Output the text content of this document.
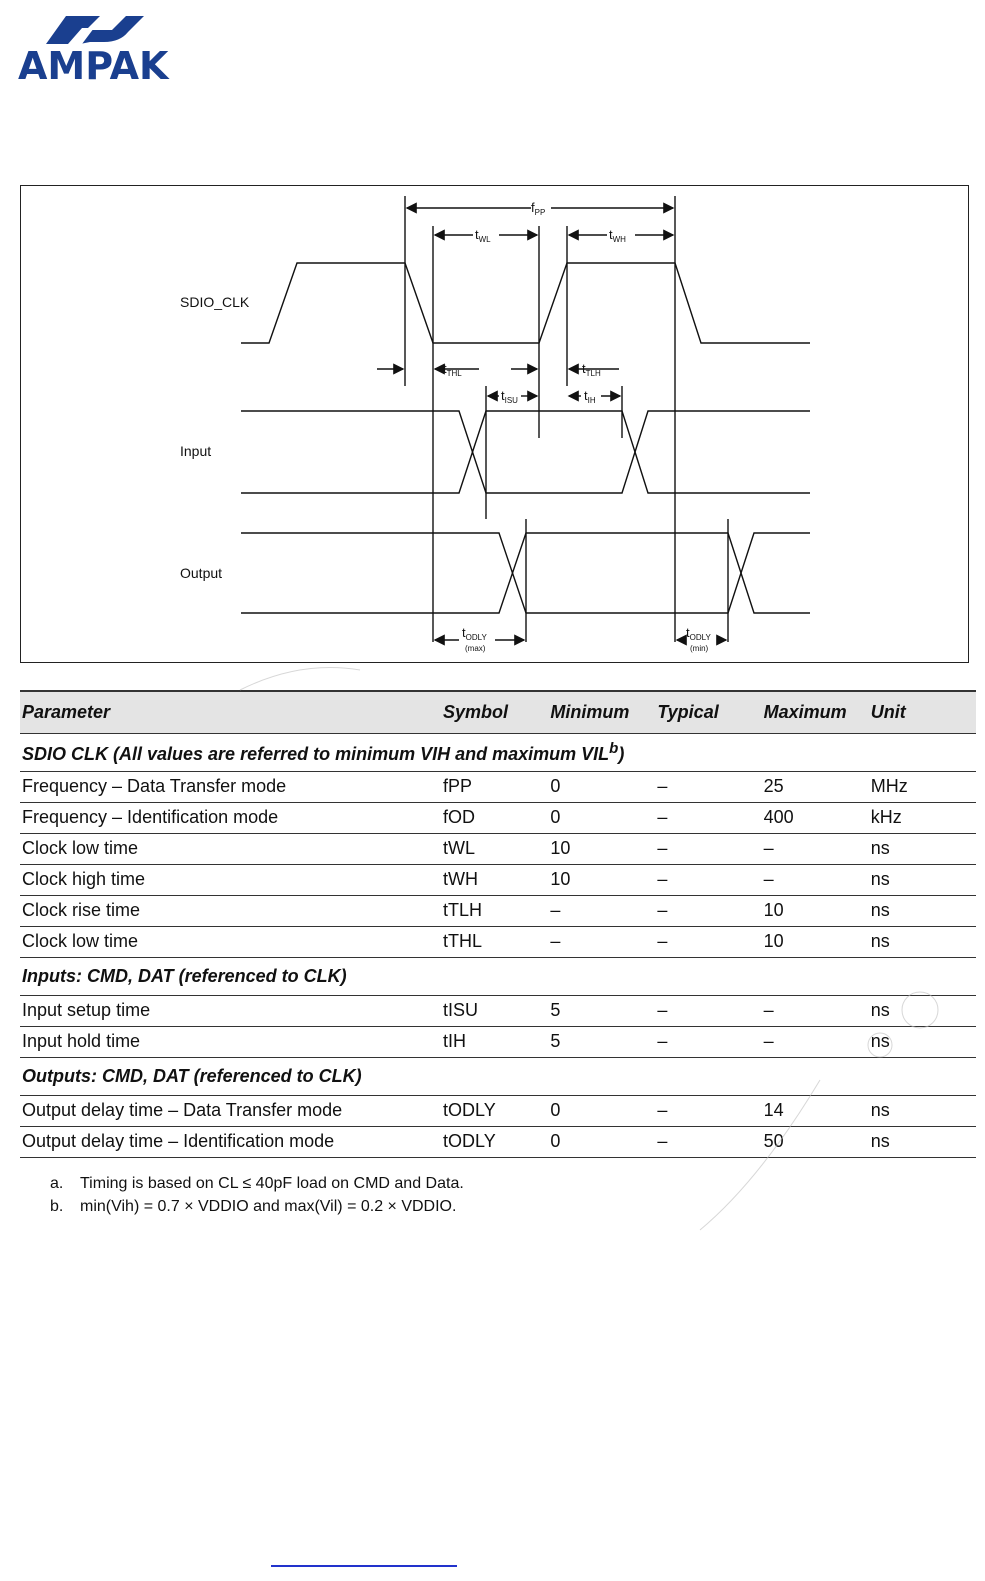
AMPAK
$f_{PP}$
$t_{WL}$	$t_{WH}$
$t_{THL}$	$t_{TLH}$
$t_{ISU}$	$t_{IH}$
$t_{ODLY}$
(max)
$t_{ODLY}$
(min)
SDIO_CLK
Input
Output
Parameter	Symbol	Minimum	Typical	Maximum	Unit
SDIO CLK (All values are referred to minimum VIH and maximum VIL$^b$)					
Frequency – Data Transfer mode	fPP	0	–	25	MHz
Frequency – Identification mode	fOD	0	–	400	kHz
Clock low time	tWL	10	–	–	ns
Clock high time	tWH	10	–	–	ns
Clock rise time	tTLH	–	–	10	ns
Clock low time	tTHL	–	–	10	ns
Inputs: CMD, DAT (referenced to CLK)					
Input setup time	tISU	5	–	–	ns
Input hold time	tIH	5	–	–	ns
Outputs: CMD, DAT (referenced to CLK)					
Output delay time – Data Transfer mode	tODLY	0	–	14	ns
Output delay time – Identification mode	tODLY	0	–	50	ns
a.	Timing is based on CL ≤ 40pF load on CMD and Data.
b.	min(Vih) = 0.7 × VDDIO and max(Vil) = 0.2 × VDDIO.
